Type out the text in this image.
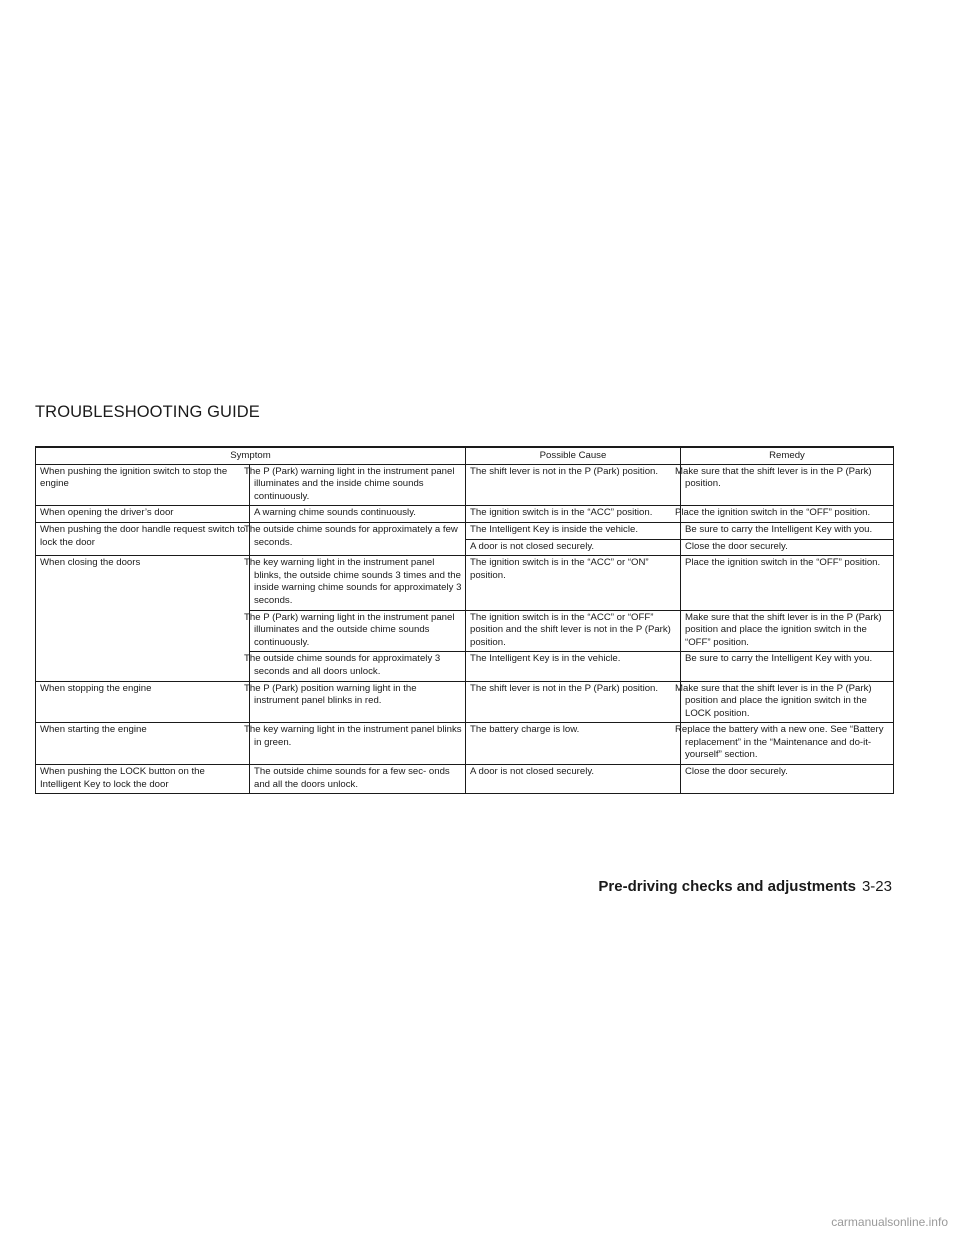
TROUBLESHOOTING GUIDE
Symptom		Possible Cause	Remedy
When pushing the ignition switch to stop the engine	The P (Park) warning light in the instrument panel illuminates and the inside chime sounds continuously.	The shift lever is not in the P (Park) position.	Make sure that the shift lever is in the P (Park) position.
When opening the driver’s door	A warning chime sounds continuously.	The ignition switch is in the “ACC” position.	Place the ignition switch in the “OFF” position.
When pushing the door handle request switch to lock the door	The outside chime sounds for approximately a few seconds.	The Intelligent Key is inside the vehicle.	Be sure to carry the Intelligent Key with you.
		A door is not closed securely.	Close the door securely.
When closing the doors	The key warning light in the instrument panel blinks, the outside chime sounds 3 times and the inside warning chime sounds for approximately 3 seconds.	The ignition switch is in the “ACC” or “ON” position.	Place the ignition switch in the “OFF” position.
	The P (Park) warning light in the instrument panel illuminates and the outside chime sounds continuously.	The ignition switch is in the “ACC” or “OFF” position and the shift lever is not in the P (Park) position.	Make sure that the shift lever is in the P (Park) position and place the ignition switch in the “OFF” position.
	The outside chime sounds for approximately 3 seconds and all doors unlock.	The Intelligent Key is in the vehicle.	Be sure to carry the Intelligent Key with you.
When stopping the engine	The P (Park) position warning light in the instrument panel blinks in red.	The shift lever is not in the P (Park) position.	Make sure that the shift lever is in the P (Park) position and place the ignition switch in the LOCK position.
When starting the engine	The key warning light in the instrument panel blinks in green.	The battery charge is low.	Replace the battery with a new one. See “Battery replacement” in the “Maintenance and do-it-yourself” section.
When pushing the LOCK button on the Intelligent Key to lock the door	The outside chime sounds for a few sec- onds and all the doors unlock.	A door is not closed securely.	Close the door securely.
Pre-driving checks and adjustments 3-23
carmanualsonline.info
